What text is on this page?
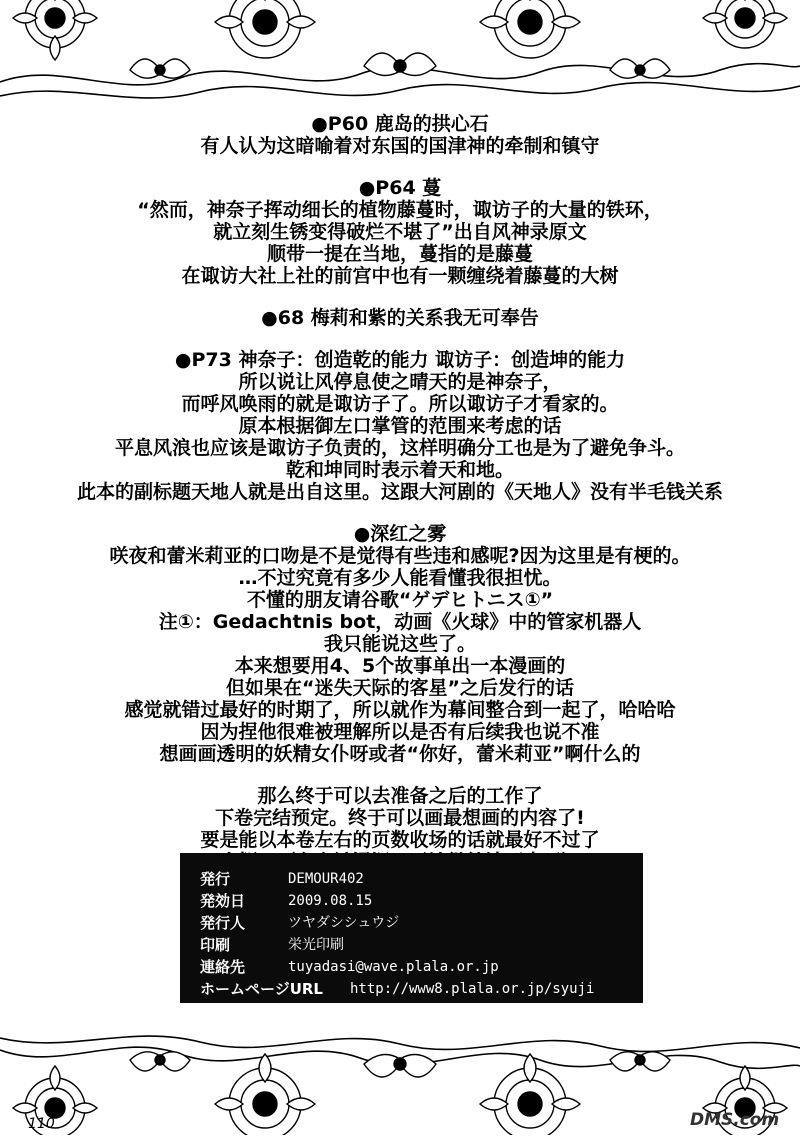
●P60 鹿岛的拱心石

有人认为这暗喻着对东国的国津神的牵制和镇守

●P64 蔓

“然而，神奈子挥动细长的植物藤蔓时，诹访子的大量的铁环，

就立刻生锈变得破烂不堪了”出自风神录原文

顺带一提在当地，蔓指的是藤蔓

在诹访大社上社的前宫中也有一颗缠绕着藤蔓的大树

●68 梅莉和紫的关系我无可奉告

●P73 神奈子：创造乾的能力 诹访子：创造坤的能力

所以说让风停息使之晴天的是神奈子，

而呼风唤雨的就是诹访子了。所以诹访子才看家的。

原本根据御左口掌管的范围来考虑的话

平息风浪也应该是诹访子负责的，这样明确分工也是为了避免争斗。

乾和坤同时表示着天和地。

此本的副标题天地人就是出自这里。这跟大河剧的《天地人》没有半毛钱关系

●深红之雾

咲夜和蕾米莉亚的口吻是不是觉得有些违和感呢?因为这里是有梗的。

…不过究竟有多少人能看懂我很担忧。

不懂的朋友请谷歌“ゲデヒトニス①”

注①：Gedachtnis bot，动画《火球》中的管家机器人

我只能说这些了。

本来想要用4、5个故事单出一本漫画的

但如果在“迷失天际的客星”之后发行的话

感觉就错过最好的时期了，所以就作为幕间整合到一起了，哈哈哈

因为捏他很难被理解所以是否有后续我也说不准

想画画透明的妖精女仆呀或者“你好，蕾米莉亚”啊什么的

那么终于可以去准备之后的工作了

下卷完结预定。终于可以画最想画的内容了!

要是能以本卷左右的页数收场的话就最好不过了

発行	DEMOUR402
発効日	2009.08.15
発行人	ツヤダシシュウジ
印刷	栄光印刷
連絡先	tuyadasi@wave.plala.or.jp
ホームページURL	http://www8.plala.or.jp/syuji
110	DMS.com
